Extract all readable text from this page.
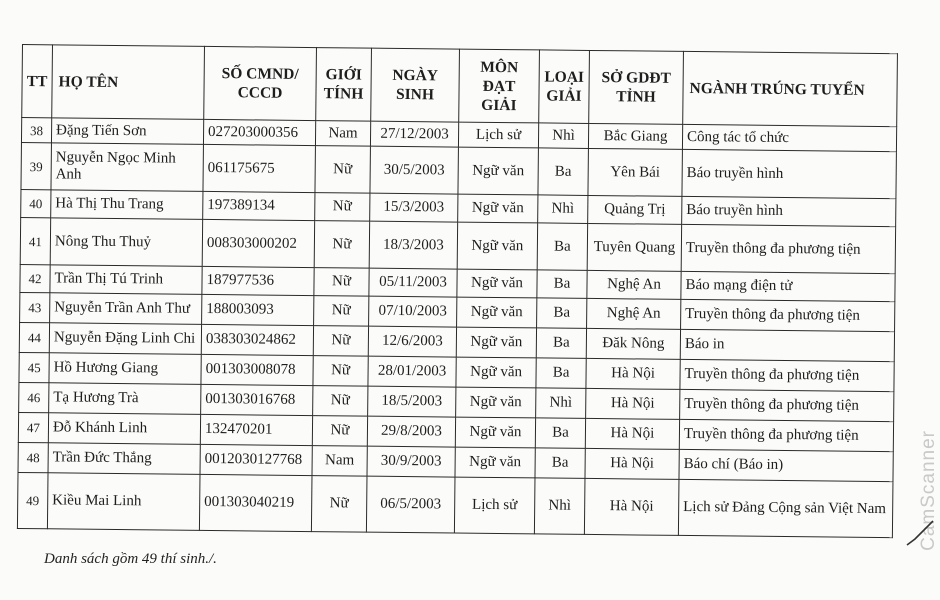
TT	HỌ TÊN	SỐ CMND/ CCCD	GIỚI TÍNH	NGÀY SINH	MÔN ĐẠT GIẢI	LOẠI GIẢI	SỞ GDĐT TỈNH	NGÀNH TRÚNG TUYỂN
38	Đặng Tiến Sơn	027203000356	Nam	27/12/2003	Lịch sử	Nhì	Bắc Giang	Công tác tổ chức
39	Nguyễn Ngọc Minh Anh	061175675	Nữ	30/5/2003	Ngữ văn	Ba	Yên Bái	Báo truyền hình
40	Hà Thị Thu Trang	197389134	Nữ	15/3/2003	Ngữ văn	Nhì	Quảng Trị	Báo truyền hình
41	Nông Thu Thuỷ	008303000202	Nữ	18/3/2003	Ngữ văn	Ba	Tuyên Quang	Truyền thông đa phương tiện
42	Trần Thị Tú Trinh	187977536	Nữ	05/11/2003	Ngữ văn	Ba	Nghệ An	Báo mạng điện tử
43	Nguyễn Trần Anh Thư	188003093	Nữ	07/10/2003	Ngữ văn	Ba	Nghệ An	Truyền thông đa phương tiện
44	Nguyễn Đặng Linh Chi	038303024862	Nữ	12/6/2003	Ngữ văn	Ba	Đăk Nông	Báo in
45	Hồ Hương Giang	001303008078	Nữ	28/01/2003	Ngữ văn	Ba	Hà Nội	Truyền thông đa phương tiện
46	Tạ Hương Trà	001303016768	Nữ	18/5/2003	Ngữ văn	Nhì	Hà Nội	Truyền thông đa phương tiện
47	Đỗ Khánh Linh	132470201	Nữ	29/8/2003	Ngữ văn	Ba	Hà Nội	Truyền thông đa phương tiện
48	Trần Đức Thắng	0012030127768	Nam	30/9/2003	Ngữ văn	Ba	Hà Nội	Báo chí (Báo in)
49	Kiều Mai Linh	001303040219	Nữ	06/5/2003	Lịch sử	Nhì	Hà Nội	Lịch sử Đảng Cộng sản Việt Nam
Danh sách gồm 49 thí sinh./.
CamScanner
